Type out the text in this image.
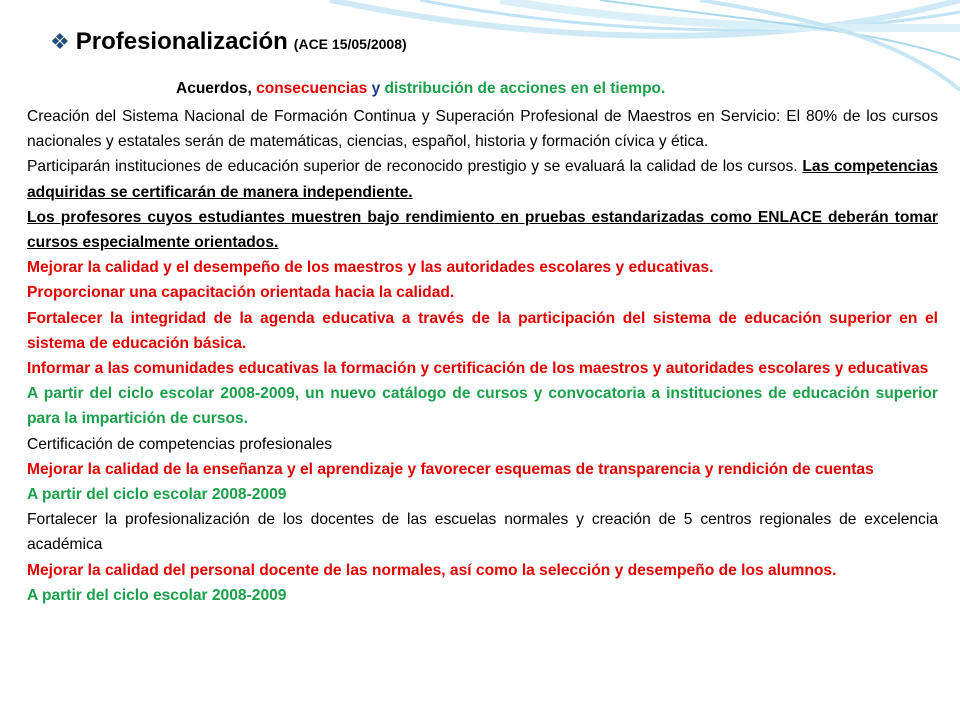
❖ Profesionalización (ACE 15/05/2008)
Acuerdos, consecuencias y distribución de acciones en el tiempo.

Creación del Sistema Nacional de Formación Continua y Superación Profesional de Maestros en Servicio: El 80% de los cursos nacionales y estatales serán de matemáticas, ciencias, español, historia y formación cívica y ética.

Participarán instituciones de educación superior de reconocido prestigio y se evaluará la calidad de los cursos. Las competencias adquiridas se certificarán de manera independiente.

Los profesores cuyos estudiantes muestren bajo rendimiento en pruebas estandarizadas como ENLACE deberán tomar cursos especialmente orientados.

Mejorar la calidad y el desempeño de los maestros y las autoridades escolares y educativas.

Proporcionar una capacitación orientada hacia la calidad.

Fortalecer la integridad de la agenda educativa a través de la participación del sistema de educación superior en el sistema de educación básica.

Informar a las comunidades educativas la formación y certificación de los maestros y autoridades escolares y educativas

A partir del ciclo escolar 2008-2009, un nuevo catálogo de cursos y convocatoria a instituciones de educación superior para la impartición de cursos.

Certificación de competencias profesionales

Mejorar la calidad de la enseñanza y el aprendizaje y favorecer esquemas de transparencia y rendición de cuentas

A partir del ciclo escolar 2008-2009

Fortalecer la profesionalización de los docentes de las escuelas normales y creación de 5 centros regionales de excelencia académica

Mejorar la calidad del personal docente de las normales, así como la selección y desempeño de los alumnos.

A partir del ciclo escolar 2008-2009
